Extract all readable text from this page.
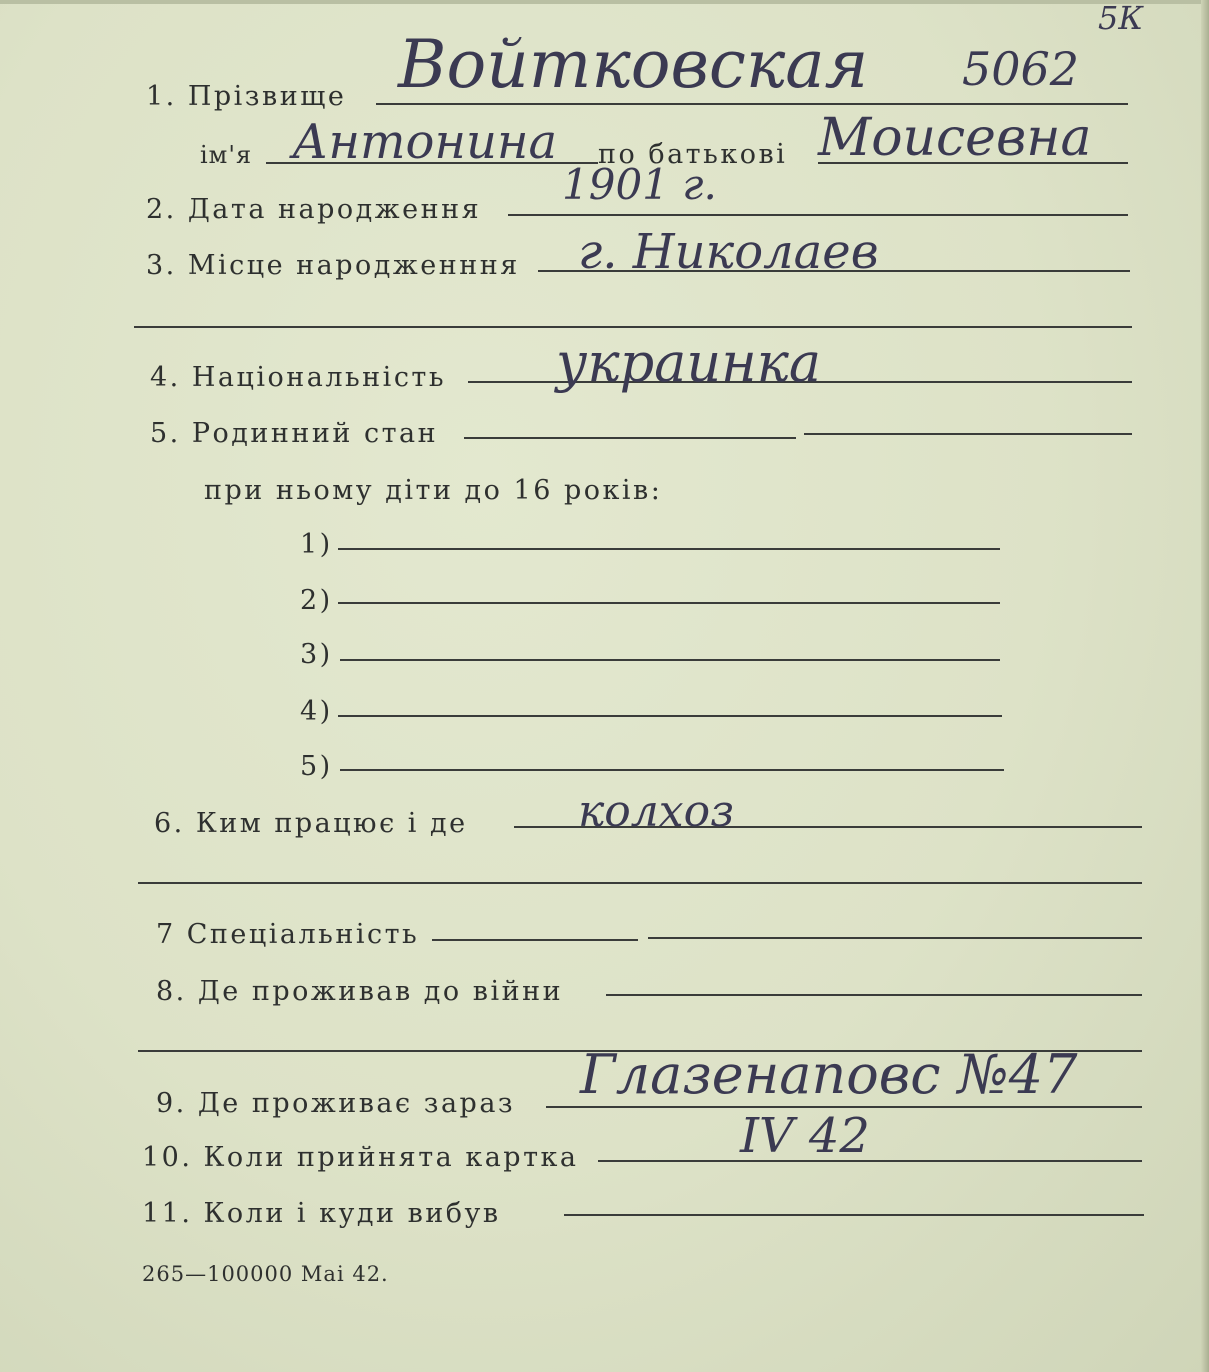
5К
1. Прізвище Войтковская 5062
ім'я Антонина по батькові Моисевна
2. Дата народження
1901 г.
3. Місце народженння г. Николаев
4. Національність украинка
5. Родинний стан
при ньому діти до 16 років:
1)
2)
3)
4)
5)
6. Ким працює і де	колхоз
7 Спеціальність
8. Де проживав до війни
9. Де проживає зараз Глазенаповс №47
10. Коли прийнята картка	IV 42
11. Коли і куди вибув
265—100000 Mai 42.
